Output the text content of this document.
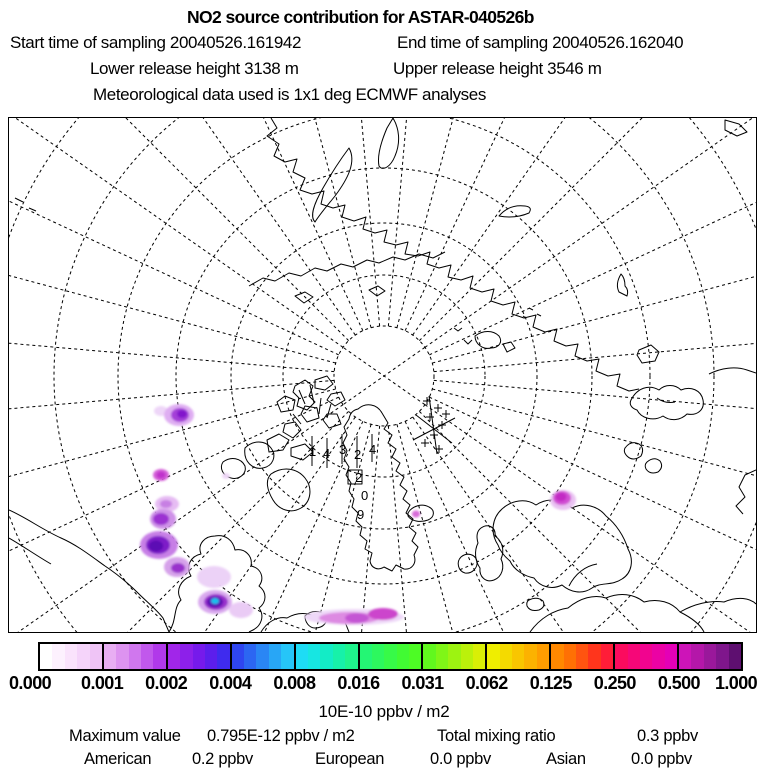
NO2 source contribution for ASTAR-040526b
Start time of sampling 20040526.161942	End time of sampling 20040526.162040
Lower release height 3138 m	Upper release height 3546 m
Meteorological data used is 1x1 deg ECMWF analyses
1 4 3 2 4
2
0
9
0.000 0.001 0.002 0.004 0.008 0.016 0.031 0.062 0.125 0.250 0.500 1.000
10E-10 ppbv / m2
Maximum value 0.795E-12 ppbv / m2	Total mixing ratio	0.3 ppbv
American 0.2 ppbv	European	0.0 ppbv	Asian	0.0 ppbv
